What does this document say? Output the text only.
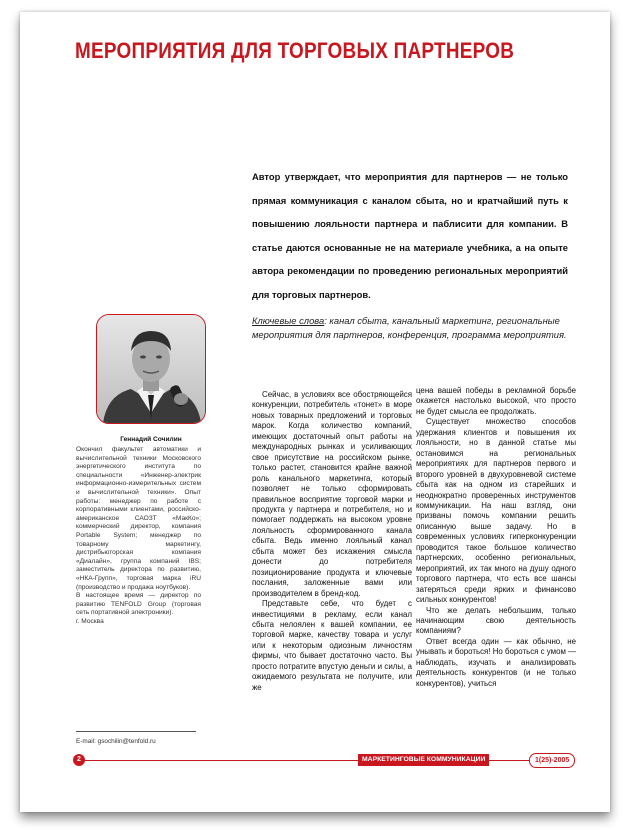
МЕРОПРИЯТИЯ ДЛЯ ТОРГОВЫХ ПАРТНЕРОВ
Автор утверждает, что мероприятия для партнеров — не только прямая коммуникация с каналом сбыта, но и кратчайший путь к повышению лояльности партнера и паблисити для компании. В статье даются основанные не на материале учебника, а на опыте автора рекомендации по проведению региональных мероприятий для торговых партнеров.
Ключевые слова: канал сбыта, канальный маркетинг, региональные мероприятия для партнеров, конференция, программа мероприятия.
Геннадий Сочилин

Окончил факультет автоматики и вычислительной техники Московского энергетического института по специальности «Инженер-электрик информационно-измерительных систем и вычислительной техники». Опыт работы: менеджер по работе с корпоративными клиентами, российско-американское САОЗТ «МакКо»; коммерческий директор, компания Portable System; менеджер по товарному маркетингу, дистрибьюторская компания «Диалайн», группа компаний IBS; заместитель директора по развитию, «НКА-Групп», торговая марка iRU (производство и продажа ноутбуков).

В настоящее время — директор по развитию TENFOLD Group (торговая сеть портативной электроники).

г. Москва

E-mail: gsochilin@tenfold.ru

Сейчас, в условиях все обостряющейся конкуренции, потребитель «тонет» в море новых товарных предложений и торговых марок. Когда количество компаний, имеющих достаточный опыт работы на международных рынках и усиливающих свое присутствие на российском рынке, только растет, становится крайне важной роль канального маркетинга, который позволяет не только сформировать правильное восприятие торговой марки и продукта у партнера и потребителя, но и помогает поддержать на высоком уровне лояльность сформированного канала сбыта. Ведь именно лояльный канал сбыта может без искажения смысла донести до потребителя позиционирование продукта и ключевые послания, заложенные вами или производителем в бренд-код.

Представьте себе, что будет с инвестициями в рекламу, если канал сбыта нелоялен к вашей компании, ее торговой марке, качеству товара и услуг или к некоторым одиозным личностям фирмы, что бывает достаточно часто. Вы просто потратите впустую деньги и силы, а ожидаемого результата не получите, или же

цена вашей победы в рекламной борьбе окажется настолько высокой, что просто не будет смысла ее продолжать.

Существует множество способов удержания клиентов и повышения их лояльности, но в данной статье мы остановимся на региональных мероприятиях для партнеров первого и второго уровней в двухуровневой системе сбыта как на одном из старейших и неоднократно проверенных инструментов коммуникации. На наш взгляд, они призваны помочь компании решить описанную выше задачу. Но в современных условиях гиперконкуренции проводится такое большое количество партнерских, особенно региональных, мероприятий, их так много на душу одного торгового партнера, что есть все шансы затеряться среди ярких и финансово сильных конкурентов!

Что же делать небольшим, только начинающим свою деятельность компаниям?

Ответ всегда один — как обычно, не унывать и бороться! Но бороться с умом — наблюдать, изучать и анализировать деятельность конкурентов (и не только конкурентов), учиться

2	МАРКЕТИНГОВЫЕ КОММУНИКАЦИИ	1(25)-2005
